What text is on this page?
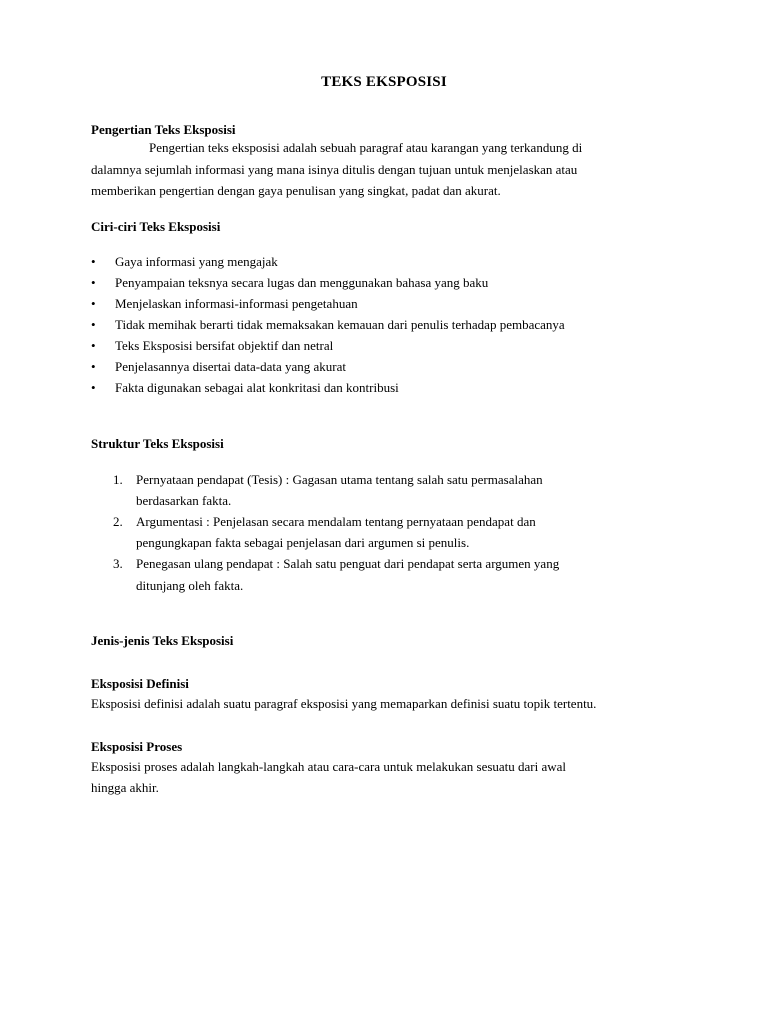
TEKS EKSPOSISI
Pengertian Teks Eksposisi
Pengertian teks eksposisi adalah sebuah paragraf atau karangan yang terkandung di
dalamnya sejumlah informasi yang mana isinya ditulis dengan tujuan untuk menjelaskan atau
memberikan pengertian dengan gaya penulisan yang singkat, padat dan akurat.
Ciri-ciri Teks Eksposisi
•	Gaya informasi yang mengajak
•	Penyampaian teksnya secara lugas dan menggunakan bahasa yang baku
•	Menjelaskan informasi-informasi pengetahuan
•	Tidak memihak berarti tidak memaksakan kemauan dari penulis terhadap pembacanya
•	Teks Eksposisi bersifat objektif dan netral
•	Penjelasannya disertai data-data yang akurat
•	Fakta digunakan sebagai alat konkritasi dan kontribusi
Struktur Teks Eksposisi
1. Pernyataan pendapat (Tesis) : Gagasan utama tentang salah satu permasalahan
berdasarkan fakta.
2. Argumentasi : Penjelasan secara mendalam tentang pernyataan pendapat dan
pengungkapan fakta sebagai penjelasan dari argumen si penulis.
3. Penegasan ulang pendapat : Salah satu penguat dari pendapat serta argumen yang
ditunjang oleh fakta.
Jenis-jenis Teks Eksposisi
Eksposisi Definisi
Eksposisi definisi adalah suatu paragraf eksposisi yang memaparkan definisi suatu topik tertentu.
Eksposisi Proses
Eksposisi proses adalah langkah-langkah atau cara-cara untuk melakukan sesuatu dari awal
hingga akhir.
